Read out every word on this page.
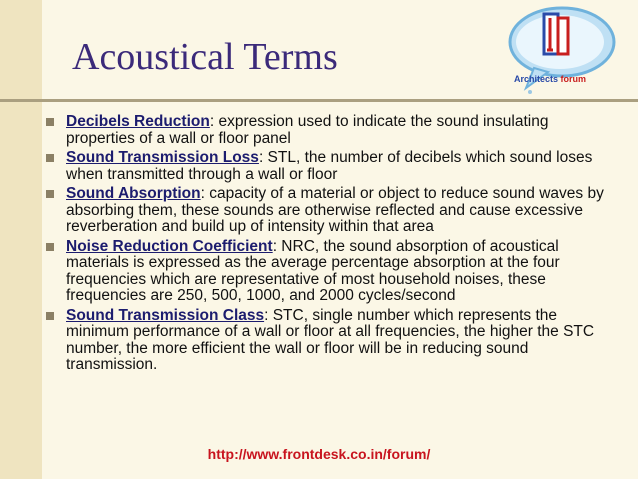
Acoustical Terms
Architects forum
Decibels Reduction: expression used to indicate the sound insulating properties of a wall or floor panel
Sound Transmission Loss: STL, the number of decibels which sound loses when transmitted through a wall or floor
Sound Absorption: capacity of a material or object to reduce sound waves by absorbing them, these sounds are otherwise reflected and cause excessive reverberation and build up of intensity within that area
Noise Reduction Coefficient: NRC, the sound absorption of acoustical materials is expressed as the average percentage absorption at the four frequencies which are representative of most household noises, these frequencies are 250, 500, 1000, and 2000 cycles/second
Sound Transmission Class: STC, single number which represents the minimum performance of a wall or floor at all frequencies, the higher the STC number, the more efficient the wall or floor will be in reducing sound transmission.
http://www.frontdesk.co.in/forum/
